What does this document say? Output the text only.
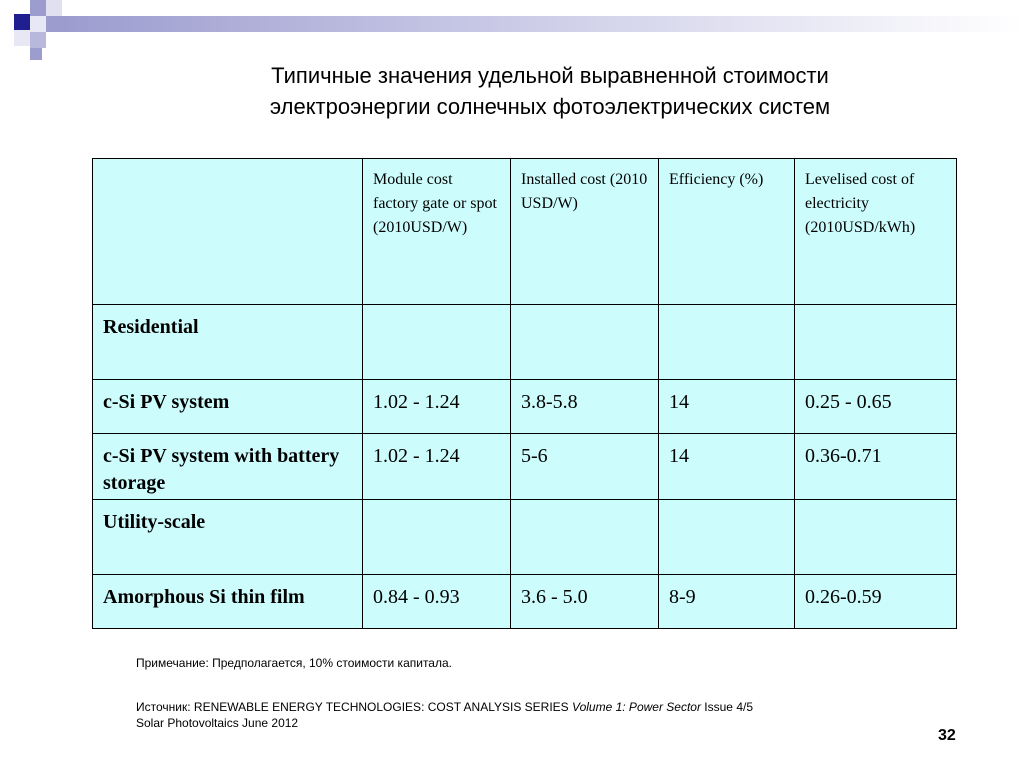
Типичные значения удельной выравненной стоимости
электроэнергии солнечных фотоэлектрических систем
	Module cost factory gate or spot (2010USD/W)	Installed cost (2010 USD/W)	Efficiency (%)	Levelised cost of electricity (2010USD/kWh)
Residential				
c-Si PV system	1.02 - 1.24	3.8-5.8	14	0.25 - 0.65
c-Si PV system with battery storage	1.02 - 1.24	5-6	14	0.36-0.71
Utility-scale				
Amorphous Si thin film	0.84 - 0.93	3.6 - 5.0	8-9	0.26-0.59
Примечание: Предполагается, 10% стоимости капитала.
Источник: RENEWABLE ENERGY TECHNOLOGIES: COST ANALYSIS SERIES Volume 1: Power Sector Issue 4/5
Solar Photovoltaics June 2012
32
